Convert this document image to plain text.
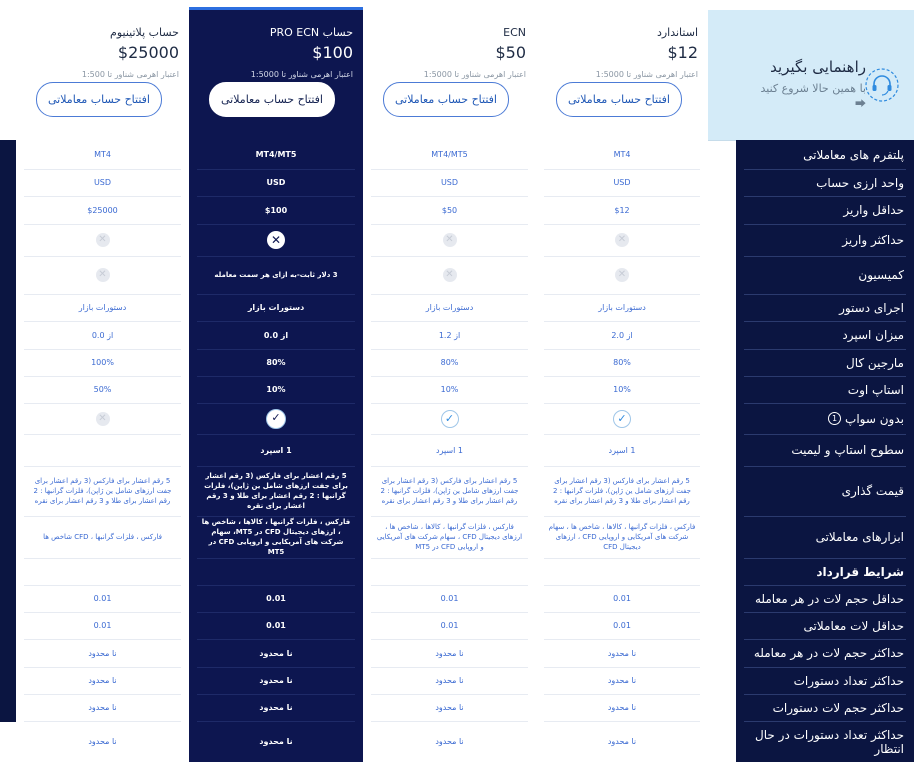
راهنمایی بگیرید
با همین حالا شروع کنید ⮕
استاندارد
$12
اعتبار اهرمی شناور تا 1:5000
افتتاح حساب معاملاتی
ECN
$50
اعتبار اهرمی شناور تا 1:5000
افتتاح حساب معاملاتی
حساب PRO ECN
$100
اعتبار اهرمی شناور تا 1:5000
افتتاح حساب معاملاتی
حساب پلاتینیوم
$25000
اعتبار اهرمی شناور تا 1:500
افتتاح حساب معاملاتی
پلتفرم های معاملاتی
واحد ارزی حساب
حداقل واریز
حداکثر واریز
کمیسیون
اجرای دستور
میزان اسپرد
مارجین کال
استاپ اوت
بدون سواپ
1
سطوح استاپ و لیمیت
قیمت گذاری
ابزارهای معاملاتی
شرایط قرارداد
حداقل حجم لات در هر معامله
حداقل لات معاملاتی
حداکثر حجم لات در هر معامله
حداکثر تعداد دستورات
حداکثر حجم لات دستورات
حداکثر تعداد دستورات در حال انتظار
MT4
USD
$12
✕
✕
دستورات بازار
از 2.0
80%
10%
✓
1 اسپرد
5 رقم اعشار برای فارکس (3 رقم اعشار برای جفت ارزهای شامل ین ژاپن)، فلزات گرانبها : 2 رقم اعشار برای طلا و 3 رقم اعشار برای نقره
فارکس ، فلزات گرانبها ، کالاها ، شاخص ها ، سهام شرکت های آمریکایی و اروپایی CFD ، ارزهای دیجیتال CFD
0.01
0.01
نا محدود
نا محدود
نا محدود
نا محدود
MT4/MT5
USD
$50
✕
✕
دستورات بازار
از 1.2
80%
10%
✓
1 اسپرد
5 رقم اعشار برای فارکس (3 رقم اعشار برای جفت ارزهای شامل ین ژاپن)، فلزات گرانبها : 2 رقم اعشار برای طلا و 3 رقم اعشار برای نقره
فارکس ، فلزات گرانبها ، کالاها ، شاخص ها ، ارزهای دیجیتال CFD ، سهام شرکت های آمریکایی و اروپایی CFD در MT5
0.01
0.01
نا محدود
نا محدود
نا محدود
نا محدود
MT4/MT5
USD
$100
✕
3 دلار ثابت-به ازای هر سمت معامله
دستورات بازار
از 0.0
80%
10%
✓
1 اسپرد
5 رقم اعشار برای فارکس (3 رقم اعشار برای جفت ارزهای شامل ین ژاپن)، فلزات گرانبها : 2 رقم اعشار برای طلا و 3 رقم اعشار برای نقره
فارکس ، فلزات گرانبها ، کالاها ، شاخص ها ، ارزهای دیجیتال CFD در MT5، سهام شرکت های آمریکایی و اروپایی CFD در MT5
0.01
0.01
نا محدود
نا محدود
نا محدود
نا محدود
MT4
USD
$25000
✕
✕
دستورات بازار
از 0.0
100%
50%
✕
5 رقم اعشار برای فارکس (3 رقم اعشار برای جفت ارزهای شامل ین ژاپن)، فلزات گرانبها : 2 رقم اعشار برای طلا و 3 رقم اعشار برای نقره
فارکس ، فلزات گرانبها ، CFD شاخص ها
0.01
0.01
نا محدود
نا محدود
نا محدود
نا محدود
